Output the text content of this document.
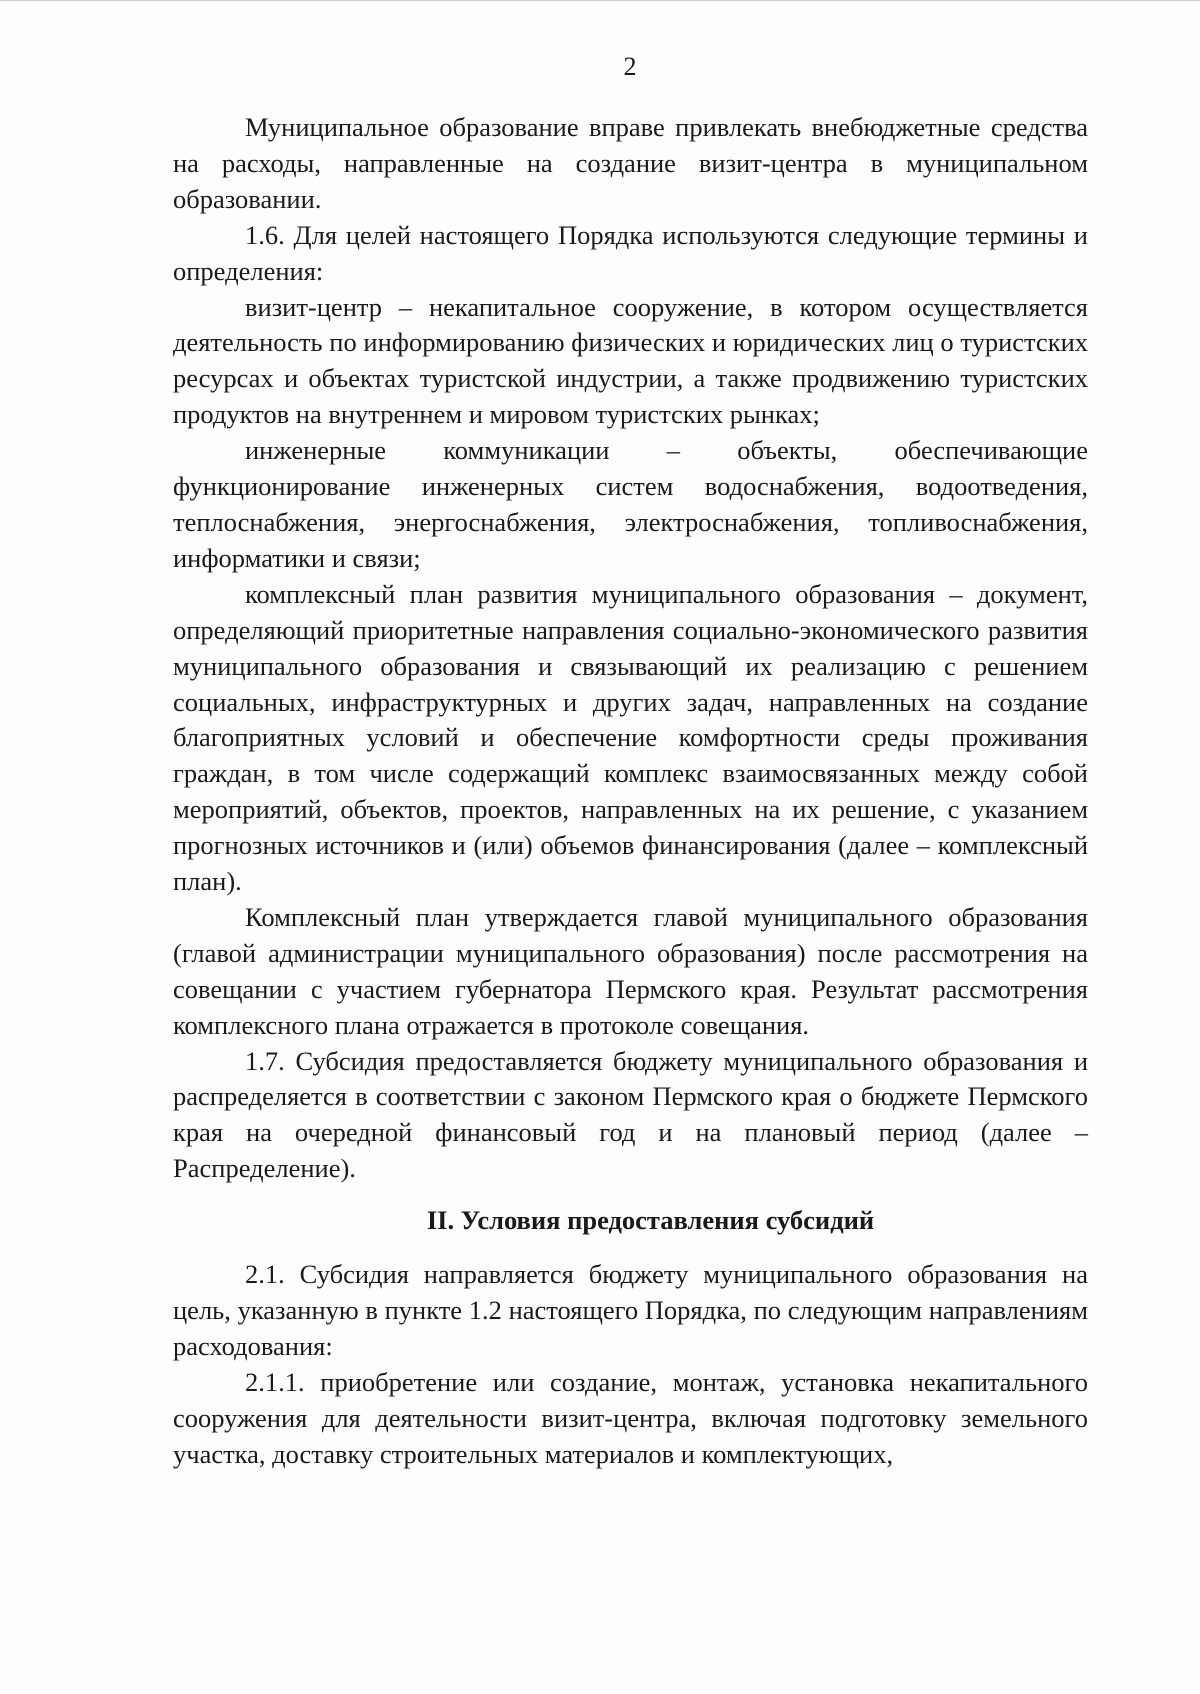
2

Муниципальное образование вправе привлекать внебюджетные средства на расходы, направленные на создание визит-центра в муниципальном образовании.

1.6. Для целей настоящего Порядка используются следующие термины и определения:

визит-центр – некапитальное сооружение, в котором осуществляется деятельность по информированию физических и юридических лиц о туристских ресурсах и объектах туристской индустрии, а также продвижению туристских продуктов на внутреннем и мировом туристских рынках;

инженерные коммуникации – объекты, обеспечивающие функционирование инженерных систем водоснабжения, водоотведения, теплоснабжения, энергоснабжения, электроснабжения, топливоснабжения, информатики и связи;

комплексный план развития муниципального образования – документ, определяющий приоритетные направления социально-экономического развития муниципального образования и связывающий их реализацию с решением социальных, инфраструктурных и других задач, направленных на создание благоприятных условий и обеспечение комфортности среды проживания граждан, в том числе содержащий комплекс взаимосвязанных между собой мероприятий, объектов, проектов, направленных на их решение, с указанием прогнозных источников и (или) объемов финансирования (далее – комплексный план).

Комплексный план утверждается главой муниципального образования (главой администрации муниципального образования) после рассмотрения на совещании с участием губернатора Пермского края. Результат рассмотрения комплексного плана отражается в протоколе совещания.

1.7. Субсидия предоставляется бюджету муниципального образования и распределяется в соответствии с законом Пермского края о бюджете Пермского края на очередной финансовый год и на плановый период (далее – Распределение).

II. Условия предоставления субсидий

2.1. Субсидия направляется бюджету муниципального образования на цель, указанную в пункте 1.2 настоящего Порядка, по следующим направлениям расходования:

2.1.1. приобретение или создание, монтаж, установка некапитального сооружения для деятельности визит-центра, включая подготовку земельного участка, доставку строительных материалов и комплектующих,
